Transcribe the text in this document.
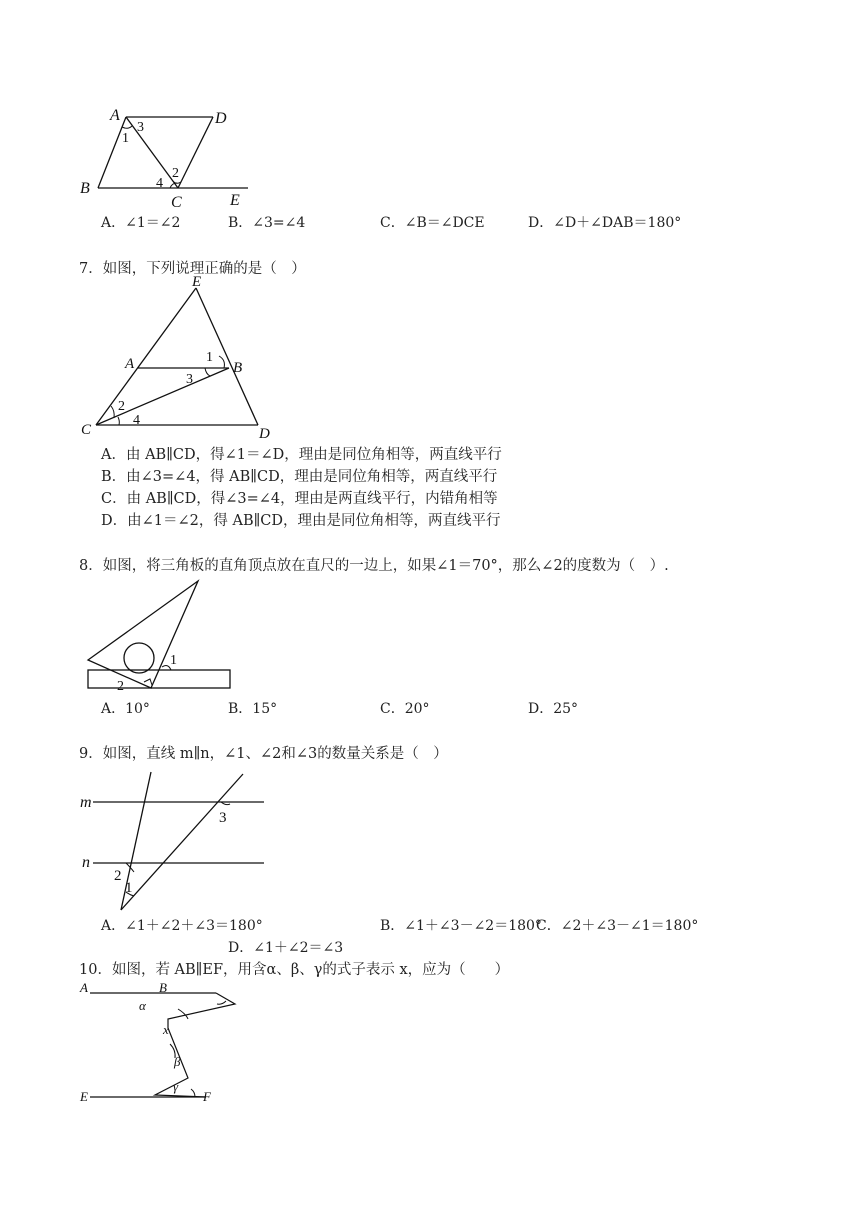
A	D
B
C	E
1
3
2
4
A．∠1＝∠2	B．∠3=∠4	C．∠B＝∠DCE	D．∠D＋∠DAB＝180°
7．如图，下列说理正确的是（　）
E
A	B
C	D
1
3
2
4
A．由 AB∥CD，得∠1＝∠D，理由是同位角相等，两直线平行
B．由∠3=∠4，得 AB∥CD，理由是同位角相等，两直线平行
C．由 AB∥CD，得∠3=∠4，理由是两直线平行，内错角相等
D．由∠1＝∠2，得 AB∥CD，理由是同位角相等，两直线平行
8．如图，将三角板的直角顶点放在直尺的一边上，如果∠1＝70°，那么∠2的度数为（　）.
1
2
A．10°	B．15°	C．20°	D．25°
9．如图，直线 m∥n，∠1、∠2和∠3的数量关系是（　）
m
n
3
2
1
A．∠1＋∠2＋∠3＝180°	B．∠1＋∠3－∠2＝180°
C．∠2＋∠3－∠1＝180°
D．∠1＋∠2＝∠3
10．如图，若 AB∥EF，用含α、β、γ的式子表示 x，应为（　　）
A	B
E	F
α
x
β
γ
